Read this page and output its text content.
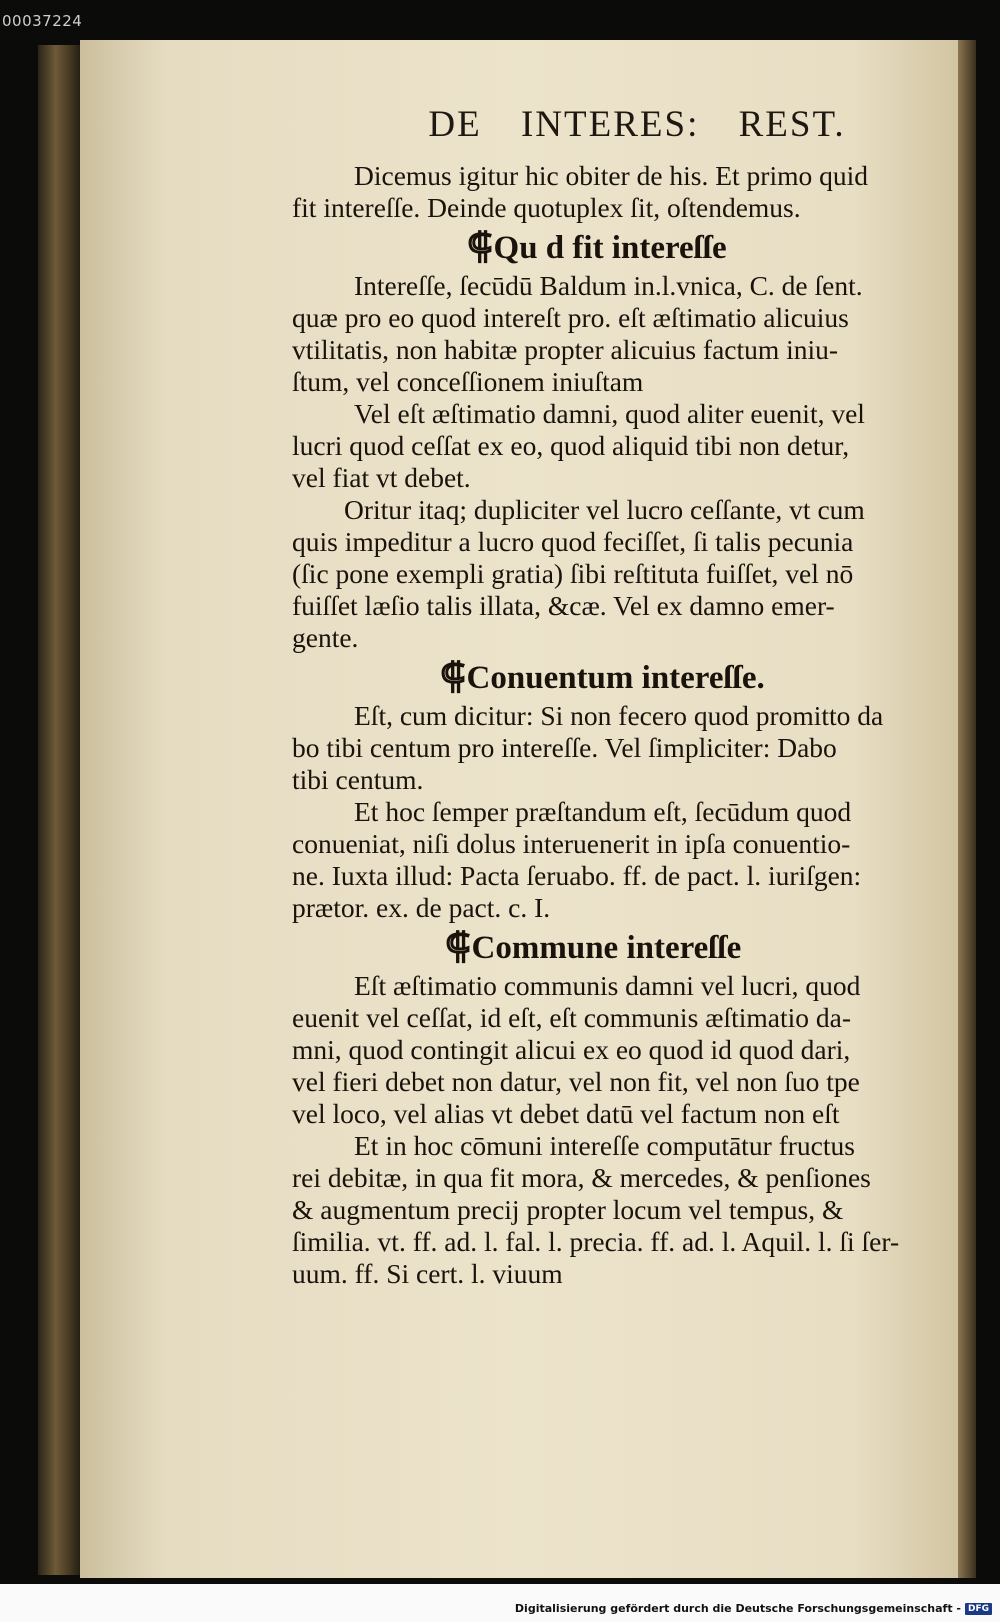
00037224
DE INTERES: REST.
Dicemus igitur hic obiter de his. Et primo quid
fit intereſſe. Deinde quotuplex ſit, oſtendemus.
⸿Qu d fit intereſſe
Intereſſe, ſecūdū Baldum in.l.vnica, C. de ſent.
quæ pro eo quod intereſt pro. eſt æſtimatio alicuius
vtilitatis, non habitæ propter alicuius factum iniu-
ſtum, vel conceſſionem iniuſtam
Vel eſt æſtimatio damni, quod aliter euenit, vel
lucri quod ceſſat ex eo, quod aliquid tibi non detur,
vel fiat vt debet.
Oritur itaq; dupliciter vel lucro ceſſante, vt cum
quis impeditur a lucro quod feciſſet, ſi talis pecunia
(ſic pone exempli gratia) ſibi reſtituta fuiſſet, vel nō
fuiſſet læſio talis illata, &cæ. Vel ex damno emer-
gente.
⸿Conuentum intereſſe.
Eſt, cum dicitur: Si non fecero quod promitto da
bo tibi centum pro intereſſe. Vel ſimpliciter: Dabo
tibi centum.
Et hoc ſemper præſtandum eſt, ſecūdum quod
conueniat, niſi dolus interuenerit in ipſa conuentio-
ne. Iuxta illud: Pacta ſeruabo. ff. de pact. l. iuriſgen:
prætor. ex. de pact. c. I.
⸿Commune intereſſe
Eſt æſtimatio communis damni vel lucri, quod
euenit vel ceſſat, id eſt, eſt communis æſtimatio da-
mni, quod contingit alicui ex eo quod id quod dari,
vel fieri debet non datur, vel non fit, vel non ſuo tpe
vel loco, vel alias vt debet datū vel factum non eſt
Et in hoc cōmuni intereſſe computātur fructus
rei debitæ, in qua fit mora, & mercedes, & penſiones
& augmentum precij propter locum vel tempus, &
ſimilia. vt. ff. ad. l. fal. l. precia. ff. ad. l. Aquil. l. ſi ſer-
uum. ff. Si cert. l. viuum
Digitalisierung gefördert durch die Deutsche Forschungsgemeinschaft - DFG
